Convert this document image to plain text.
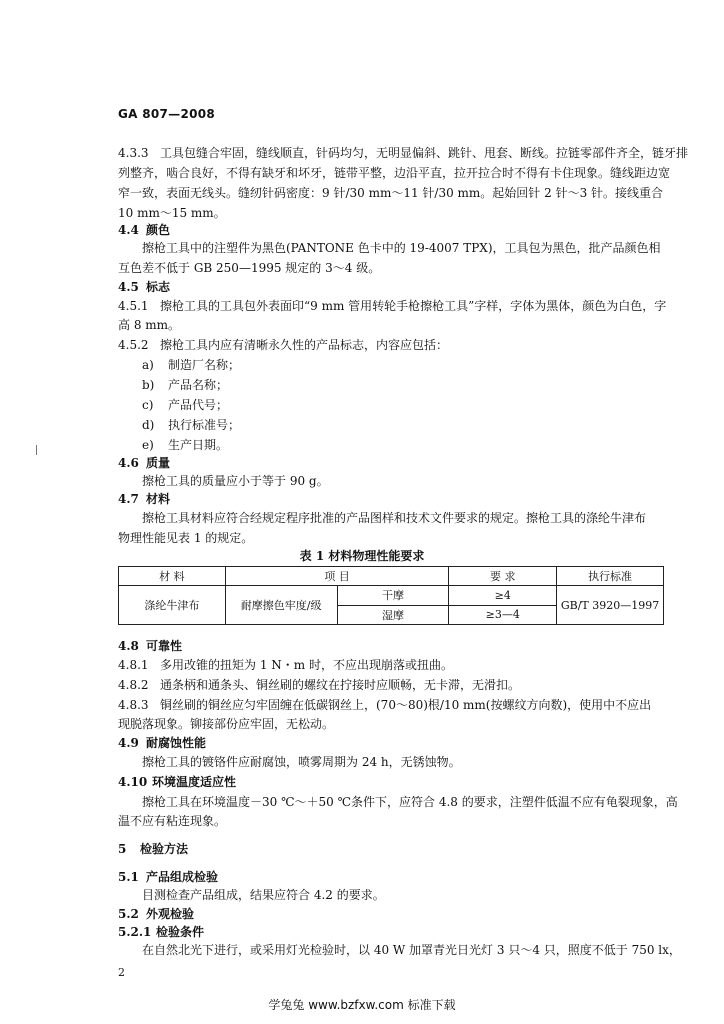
GA 807—2008
4.3.3 工具包缝合牢固，缝线顺直，针码均匀，无明显偏斜、跳针、甩套、断线。拉链零部件齐全，链牙排
列整齐，啮合良好，不得有缺牙和坏牙，链带平整，边沿平直，拉开拉合时不得有卡住现象。缝线距边宽
窄一致，表面无线头。缝纫针码密度：9 针/30 mm～11 针/30 mm。起始回针 2 针～3 针。接线重合
10 mm～15 mm。
4.4 颜色
擦枪工具中的注塑件为黑色(PANTONE 色卡中的 19-4007 TPX)，工具包为黑色，批产品颜色相
互色差不低于 GB 250—1995 规定的 3～4 级。
4.5 标志
4.5.1 擦枪工具的工具包外表面印“9 mm 管用转轮手枪擦枪工具”字样，字体为黑体，颜色为白色，字
高 8 mm。
4.5.2 擦枪工具内应有清晰永久性的产品标志，内容应包括：
a) 制造厂名称；
b) 产品名称；
c) 产品代号；
d) 执行标准号；
e) 生产日期。
4.6 质量
擦枪工具的质量应小于等于 90 g。
4.7 材料
擦枪工具材料应符合经规定程序批准的产品图样和技术文件要求的规定。擦枪工具的涤纶牛津布
物理性能见表 1 的规定。
表 1 材料物理性能要求
材 料	项 目		要 求	执行标准
涤纶牛津布	耐摩擦色牢度/级	干摩	≥4	GB/T 3920—1997
		湿摩	≥3—4	
4.8 可靠性
4.8.1 多用改锥的扭矩为 1 N・m 时，不应出现崩落或扭曲。
4.8.2 通条柄和通条头、铜丝刷的螺纹在拧接时应顺畅，无卡滞，无滑扣。
4.8.3 铜丝刷的铜丝应匀牢固缠在低碳钢丝上，(70～80)根/10 mm(按螺纹方向数)，使用中不应出
现脱落现象。铆接部份应牢固，无松动。
4.9 耐腐蚀性能
擦枪工具的镀铬件应耐腐蚀，喷雾周期为 24 h，无锈蚀物。
4.10 环境温度适应性
擦枪工具在环境温度－30 ℃～＋50 ℃条件下，应符合 4.8 的要求，注塑件低温不应有龟裂现象，高
温不应有粘连现象。
5 检验方法
5.1 产品组成检验
目测检查产品组成，结果应符合 4.2 的要求。
5.2 外观检验
5.2.1 检验条件
在自然北光下进行，或采用灯光检验时，以 40 W 加罩青光日光灯 3 只～4 只，照度不低于 750 lx，
2
学兔兔 www.bzfxw.com 标准下载
